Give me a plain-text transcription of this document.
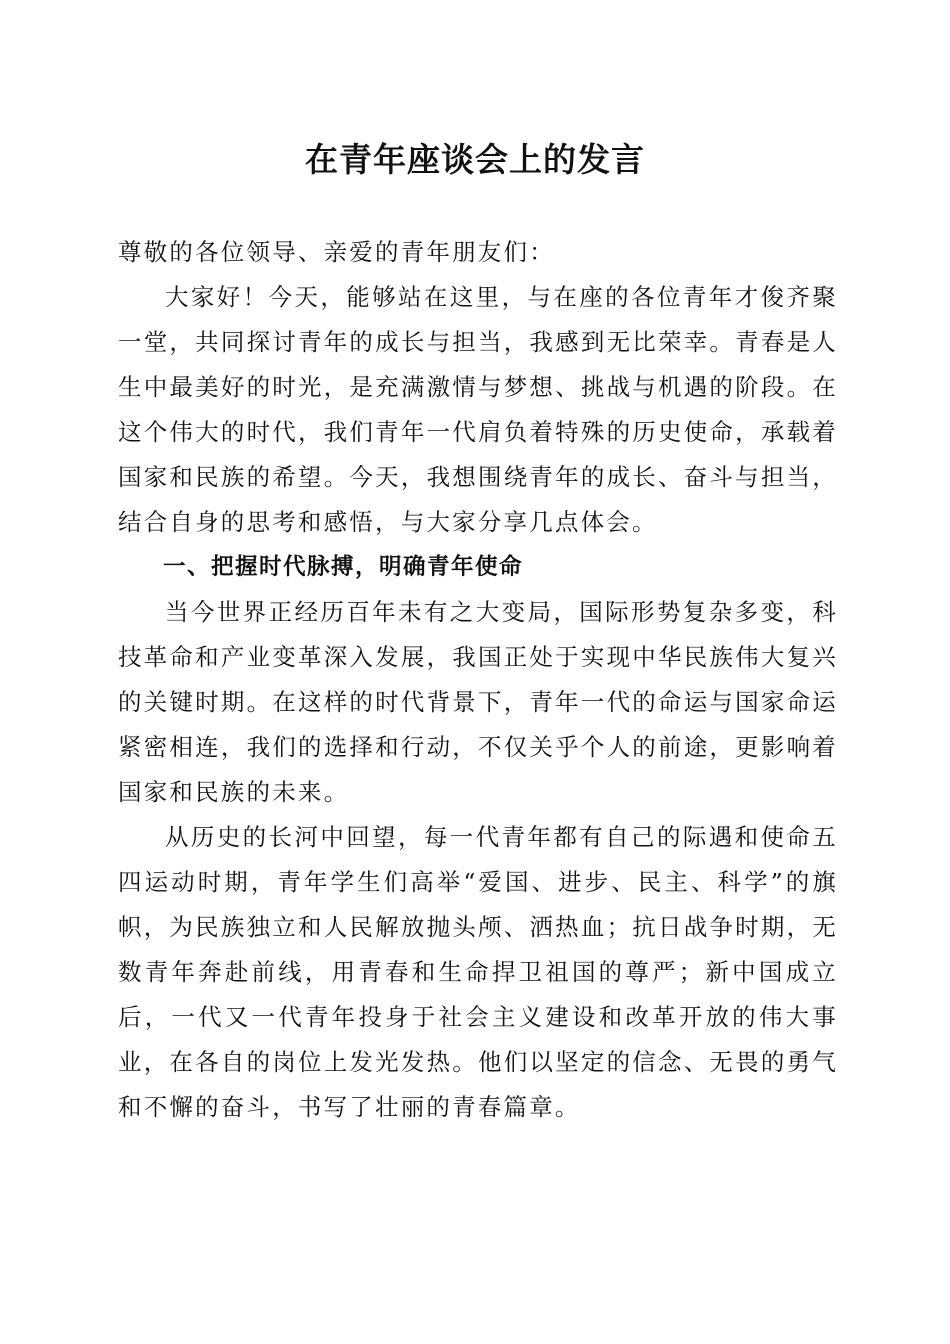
在青年座谈会上的发言

尊敬的各位领导、亲爱的青年朋友们：

大家好！今天，能够站在这里，与在座的各位青年才俊齐聚一堂，共同探讨青年的成长与担当，我感到无比荣幸。青春是人生中最美好的时光，是充满激情与梦想、挑战与机遇的阶段。在这个伟大的时代，我们青年一代肩负着特殊的历史使命，承载着国家和民族的希望。今天，我想围绕青年的成长、奋斗与担当，结合自身的思考和感悟，与大家分享几点体会。

一、把握时代脉搏，明确青年使命

当今世界正经历百年未有之大变局，国际形势复杂多变，科技革命和产业变革深入发展，我国正处于实现中华民族伟大复兴的关键时期。在这样的时代背景下，青年一代的命运与国家命运紧密相连，我们的选择和行动，不仅关乎个人的前途，更影响着国家和民族的未来。

从历史的长河中回望，每一代青年都有自己的际遇和使命五四运动时期，青年学生们高举“爱国、进步、民主、科学”的旗帜，为民族独立和人民解放抛头颅、洒热血；抗日战争时期，无数青年奔赴前线，用青春和生命捍卫祖国的尊严；新中国成立后，一代又一代青年投身于社会主义建设和改革开放的伟大事业，在各自的岗位上发光发热。他们以坚定的信念、无畏的勇气和不懈的奋斗，书写了壮丽的青春篇章。
